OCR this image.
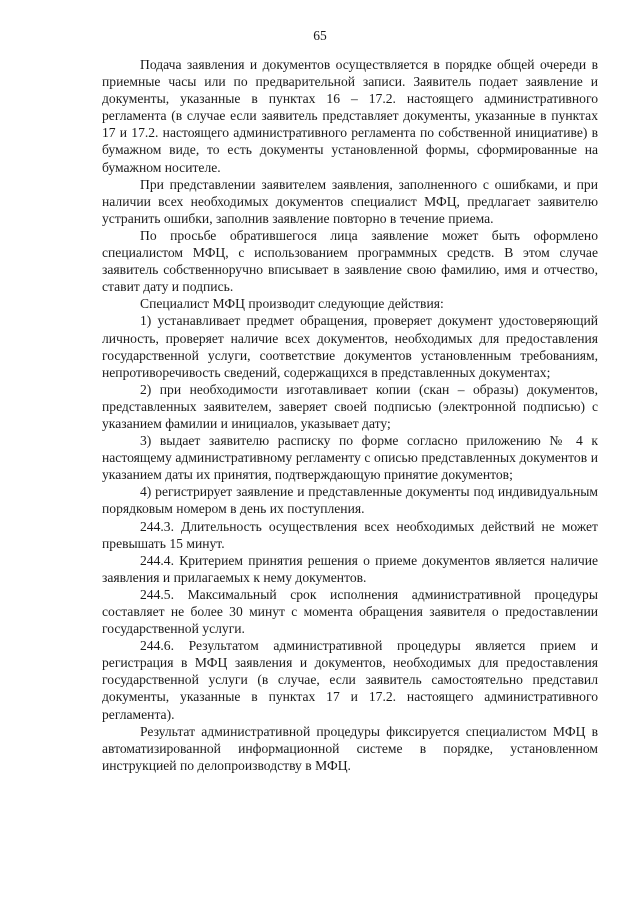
65

Подача заявления и документов осуществляется в порядке общей очереди в приемные часы или по предварительной записи. Заявитель подает заявление и документы, указанные в пунктах 16 – 17.2. настоящего административного регламента (в случае если заявитель представляет документы, указанные в пунктах 17 и 17.2. настоящего административного регламента по собственной инициативе) в бумажном виде, то есть документы установленной формы, сформированные на бумажном носителе.

При представлении заявителем заявления, заполненного с ошибками, и при наличии всех необходимых документов специалист МФЦ, предлагает заявителю устранить ошибки, заполнив заявление повторно в течение приема.

По просьбе обратившегося лица заявление может быть оформлено специалистом МФЦ, с использованием программных средств. В этом случае заявитель собственноручно вписывает в заявление свою фамилию, имя и отчество, ставит дату и подпись.

Специалист МФЦ производит следующие действия:

1) устанавливает предмет обращения, проверяет документ удостоверяющий личность, проверяет наличие всех документов, необходимых для предоставления государственной услуги, соответствие документов установленным требованиям, непротиворечивость сведений, содержащихся в представленных документах;

2) при необходимости изготавливает копии (скан – образы) документов, представленных заявителем, заверяет своей подписью (электронной подписью) с указанием фамилии и инициалов, указывает дату;

3) выдает заявителю расписку по форме согласно приложению № 4 к настоящему административному регламенту с описью представленных документов и указанием даты их принятия, подтверждающую принятие документов;

4) регистрирует заявление и представленные документы под индивидуальным порядковым номером в день их поступления.

244.3. Длительность осуществления всех необходимых действий не может превышать 15 минут.

244.4. Критерием принятия решения о приеме документов является наличие заявления и прилагаемых к нему документов.

244.5. Максимальный срок исполнения административной процедуры составляет не более 30 минут с момента обращения заявителя о предоставлении государственной услуги.

244.6. Результатом административной процедуры является прием и регистрация в МФЦ заявления и документов, необходимых для предоставления государственной услуги (в случае, если заявитель самостоятельно представил документы, указанные в пунктах 17 и 17.2. настоящего административного регламента).

Результат административной процедуры фиксируется специалистом МФЦ в автоматизированной информационной системе в порядке, установленном инструкцией по делопроизводству в МФЦ.
